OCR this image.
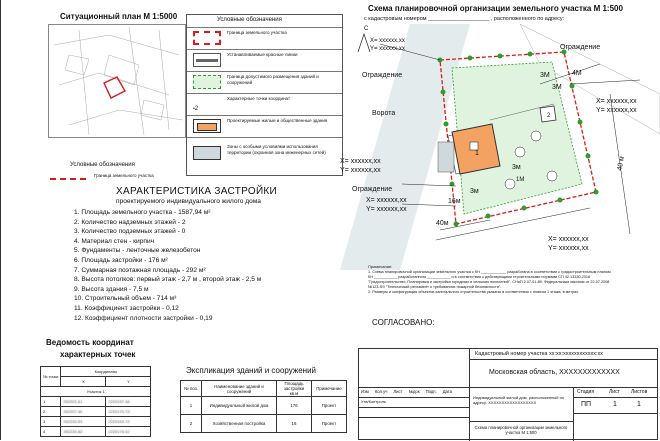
Ситуационный план М 1:5000
Условные обозначения
Граница земельного участка
Условные обозначения
Граница земельного участка
Устанавливаемые красные линии
Граница допустимого размещения зданий и сооружений
•2
Характерные точки координат
Проектируемые жилые и общественные здания
Зоны с особыми условиями использования территории (охранная зона инженерных сетей)
Схема планировочной организации земельного участка М 1:500
с кадастровым номером ____________________ , расположенного по адресу:
С
X= xxxxxx,xx
Y= xxxxxx,xx	Ограждение
Ограждение
X= xxxxxx,xx
Y= xxxxxx,xx
Ворота
X= xxxxxx,xx
Y= xxxxxx,xx
Ограждение
X= xxxxxx,xx
Y= xxxxxx,xx
X= xxxxxx,xx
Y= xxxxxx,xx
3М
3М
4М
40 м
40м
16м
3м
3м
1М
1
2
ХАРАКТЕРИСТИКА ЗАСТРОЙКИ
проектируемого индивидуального жилого дома
1. Площадь земельного участка - 1587,94 м²
2. Количество надземных этажей - 2
3. Количество подземных этажей - 0
4. Материал стен - кирпич
5. Фундаменты - ленточные железобетон
6. Площадь застройки - 176 м²
7. Суммарная поэтажная площадь - 292 м²
8. Высота потолков: первый этаж - 2,7 м , второй этаж - 2,5 м
9. Высота здания - 7,5 м
10. Строительный объем - 714 м³
11. Коэффициент застройки - 0,12
12. Коэффициент плотности застройки - 0,19
Примечание:
1. Схема планировочной организации земельного участка с КН ____________ разработана в соответствии с градостроительным планом КН ___________ разработанного ___________ и в соответствии с действующими строительными нормами СП 42.13330.2016 "Градостроительство. Планировка и застройка городских и сельских поселений", СНиП 2.07.01-89, Федеральным законом от 22.07.2008 №123-ФЗ "Технический регламент о требованиях пожарной безопасности".
2. Размеры и конфигурация объектов капитального строительства указаны в соответствии с планом 1 этажа, в метрах.
СОГЛАСОВАНО:
Ведомость координат
характерных точек
№ точки	Координаты	
	X	Y
Участок 1		
1	392201.61	2220157.48
2	392207.40	2220170.73
3	392230.53	2220163.72
4	392230.82	2220176.02
Экспликация зданий и сооружений
№ поз.	Наименование зданий и сооружений	Площадь застройки кв.м	Примечание
1	Индивидуальный жилой дом	176	Проект
2	Хозяйственная постройка	16	Проект
Кадастровый номер участка xx:xx:xxxxxxxxxxxx:xx
Московская область, XXXXXXXXXXXXX
Изм Кол.уч Лист №док Подп. Дата
Утв/Контроль
Индивидуальный жилой дом, расположенный по адресу: XXXXXXXXXXXXXXXXXX
Стадия	Лист Листов
ПП	1	1
Схема планировочной организации земельного участка М 1:500
